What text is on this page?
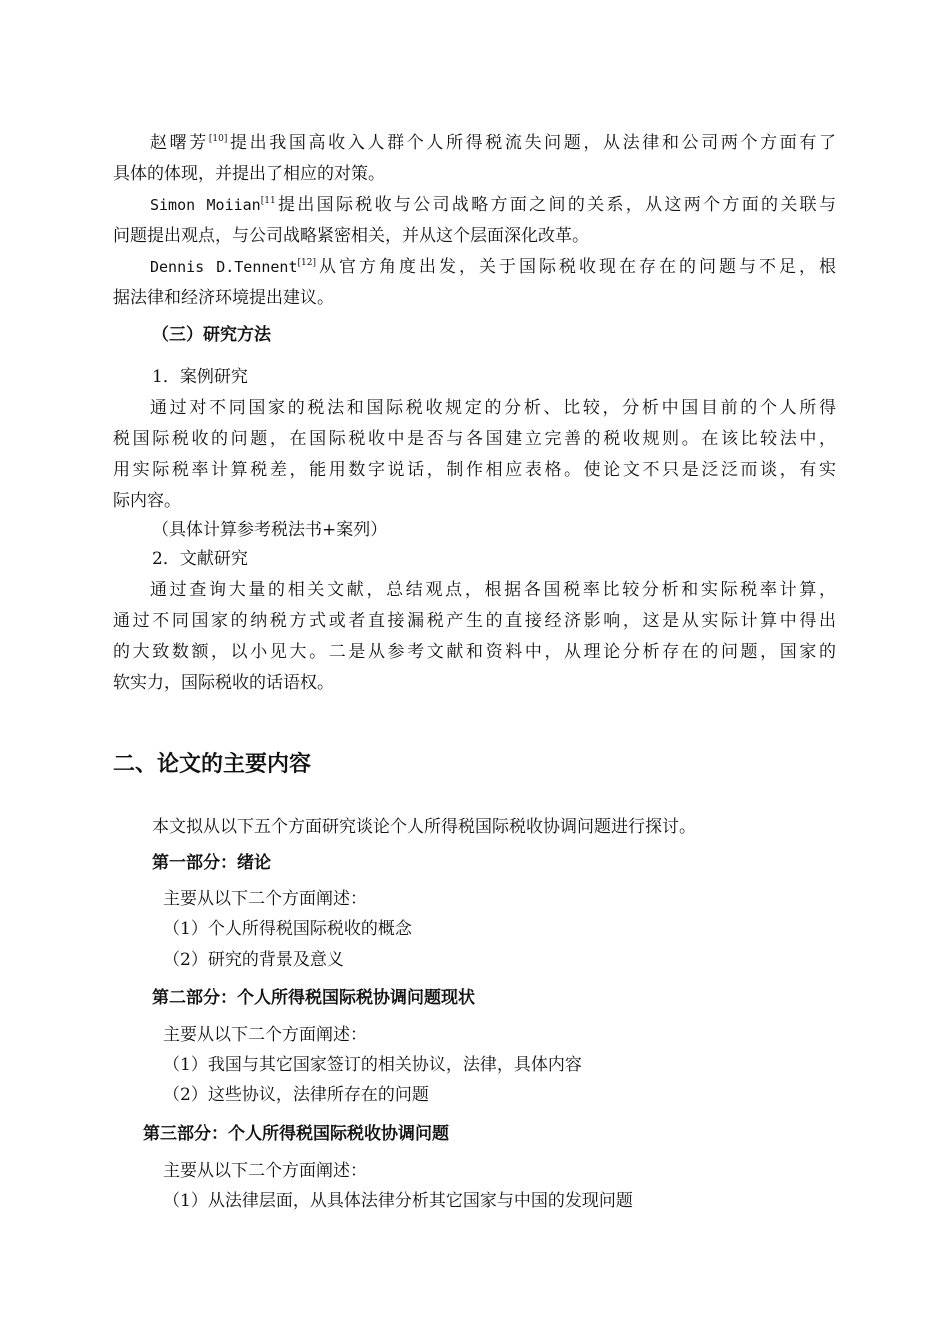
赵曙芳[10]提出我国高收入人群个人所得税流失问题，从法律和公司两个方面有了
具体的体现，并提出了相应的对策。
Simon Moiian$^{[11}$提出国际税收与公司战略方面之间的关系，从这两个方面的关联与
问题提出观点，与公司战略紧密相关，并从这个层面深化改革。
Dennis D.Tennent[12]从官方角度出发，关于国际税收现在存在的问题与不足，根
据法律和经济环境提出建议。
（三）研究方法
1．案例研究
通过对不同国家的税法和国际税收规定的分析、比较，分析中国目前的个人所得
税国际税收的问题，在国际税收中是否与各国建立完善的税收规则。在该比较法中，
用实际税率计算税差，能用数字说话，制作相应表格。使论文不只是泛泛而谈，有实
际内容。
（具体计算参考税法书+案列）
2．文献研究
通过查询大量的相关文献，总结观点，根据各国税率比较分析和实际税率计算，
通过不同国家的纳税方式或者直接漏税产生的直接经济影响，这是从实际计算中得出
的大致数额，以小见大。二是从参考文献和资料中，从理论分析存在的问题，国家的
软实力，国际税收的话语权。
二、论文的主要内容
本文拟从以下五个方面研究谈论个人所得税国际税收协调问题进行探讨。
第一部分：绪论
主要从以下二个方面阐述：
（1）个人所得税国际税收的概念
（2）研究的背景及意义
第二部分：个人所得税国际税协调问题现状
主要从以下二个方面阐述：
（1）我国与其它国家签订的相关协议，法律，具体内容
（2）这些协议，法律所存在的问题
第三部分：个人所得税国际税收协调问题
主要从以下二个方面阐述：
（1）从法律层面，从具体法律分析其它国家与中国的发现问题
